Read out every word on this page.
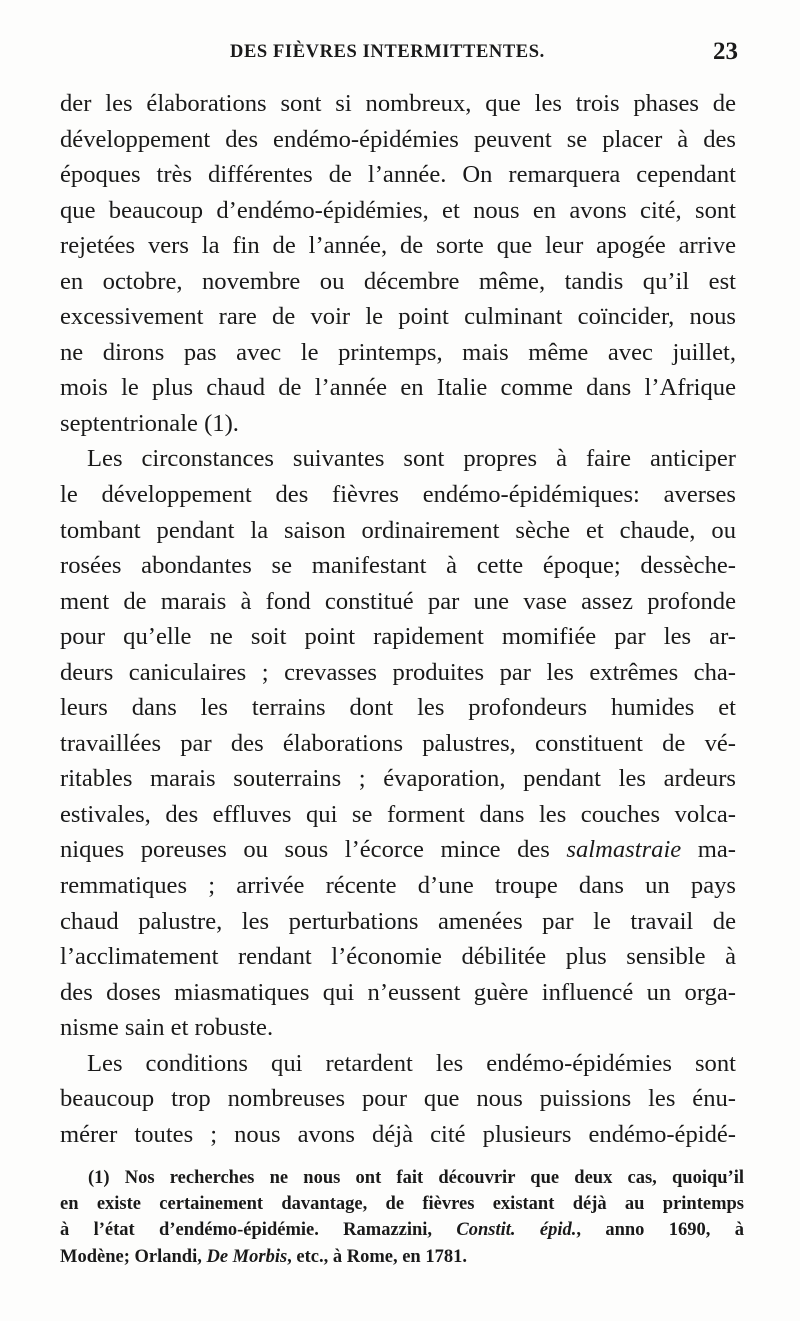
DES FIÈVRES INTERMITTENTES.	23
der les élaborations sont si nombreux, que les trois phases de
développement des endémo-épidémies peuvent se placer à des
époques très différentes de l’année. On remarquera cependant
que beaucoup d’endémo-épidémies, et nous en avons cité, sont
rejetées vers la fin de l’année, de sorte que leur apogée arrive
en octobre, novembre ou décembre même, tandis qu’il est
excessivement rare de voir le point culminant coïncider, nous
ne dirons pas avec le printemps, mais même avec juillet,
mois le plus chaud de l’année en Italie comme dans l’Afrique
septentrionale (1).
Les circonstances suivantes sont propres à faire anticiper
le développement des fièvres endémo-épidémiques: averses
tombant pendant la saison ordinairement sèche et chaude, ou
rosées abondantes se manifestant à cette époque; dessèche-
ment de marais à fond constitué par une vase assez profonde
pour qu’elle ne soit point rapidement momifiée par les ar-
deurs caniculaires ; crevasses produites par les extrêmes cha-
leurs dans les terrains dont les profondeurs humides et
travaillées par des élaborations palustres, constituent de vé-
ritables marais souterrains ; évaporation, pendant les ardeurs
estivales, des effluves qui se forment dans les couches volca-
niques poreuses ou sous l’écorce mince des salmastraie ma-
remmatiques ; arrivée récente d’une troupe dans un pays
chaud palustre, les perturbations amenées par le travail de
l’acclimatement rendant l’économie débilitée plus sensible à
des doses miasmatiques qui n’eussent guère influencé un orga-
nisme sain et robuste.
Les conditions qui retardent les endémo-épidémies sont
beaucoup trop nombreuses pour que nous puissions les énu-
mérer toutes ; nous avons déjà cité plusieurs endémo-épidé-
(1) Nos recherches ne nous ont fait découvrir que deux cas, quoiqu’il
en existe certainement davantage, de fièvres existant déjà au printemps
à l’état d’endémo-épidémie. Ramazzini, Constit. épid., anno 1690, à
Modène; Orlandi, De Morbis, etc., à Rome, en 1781.
